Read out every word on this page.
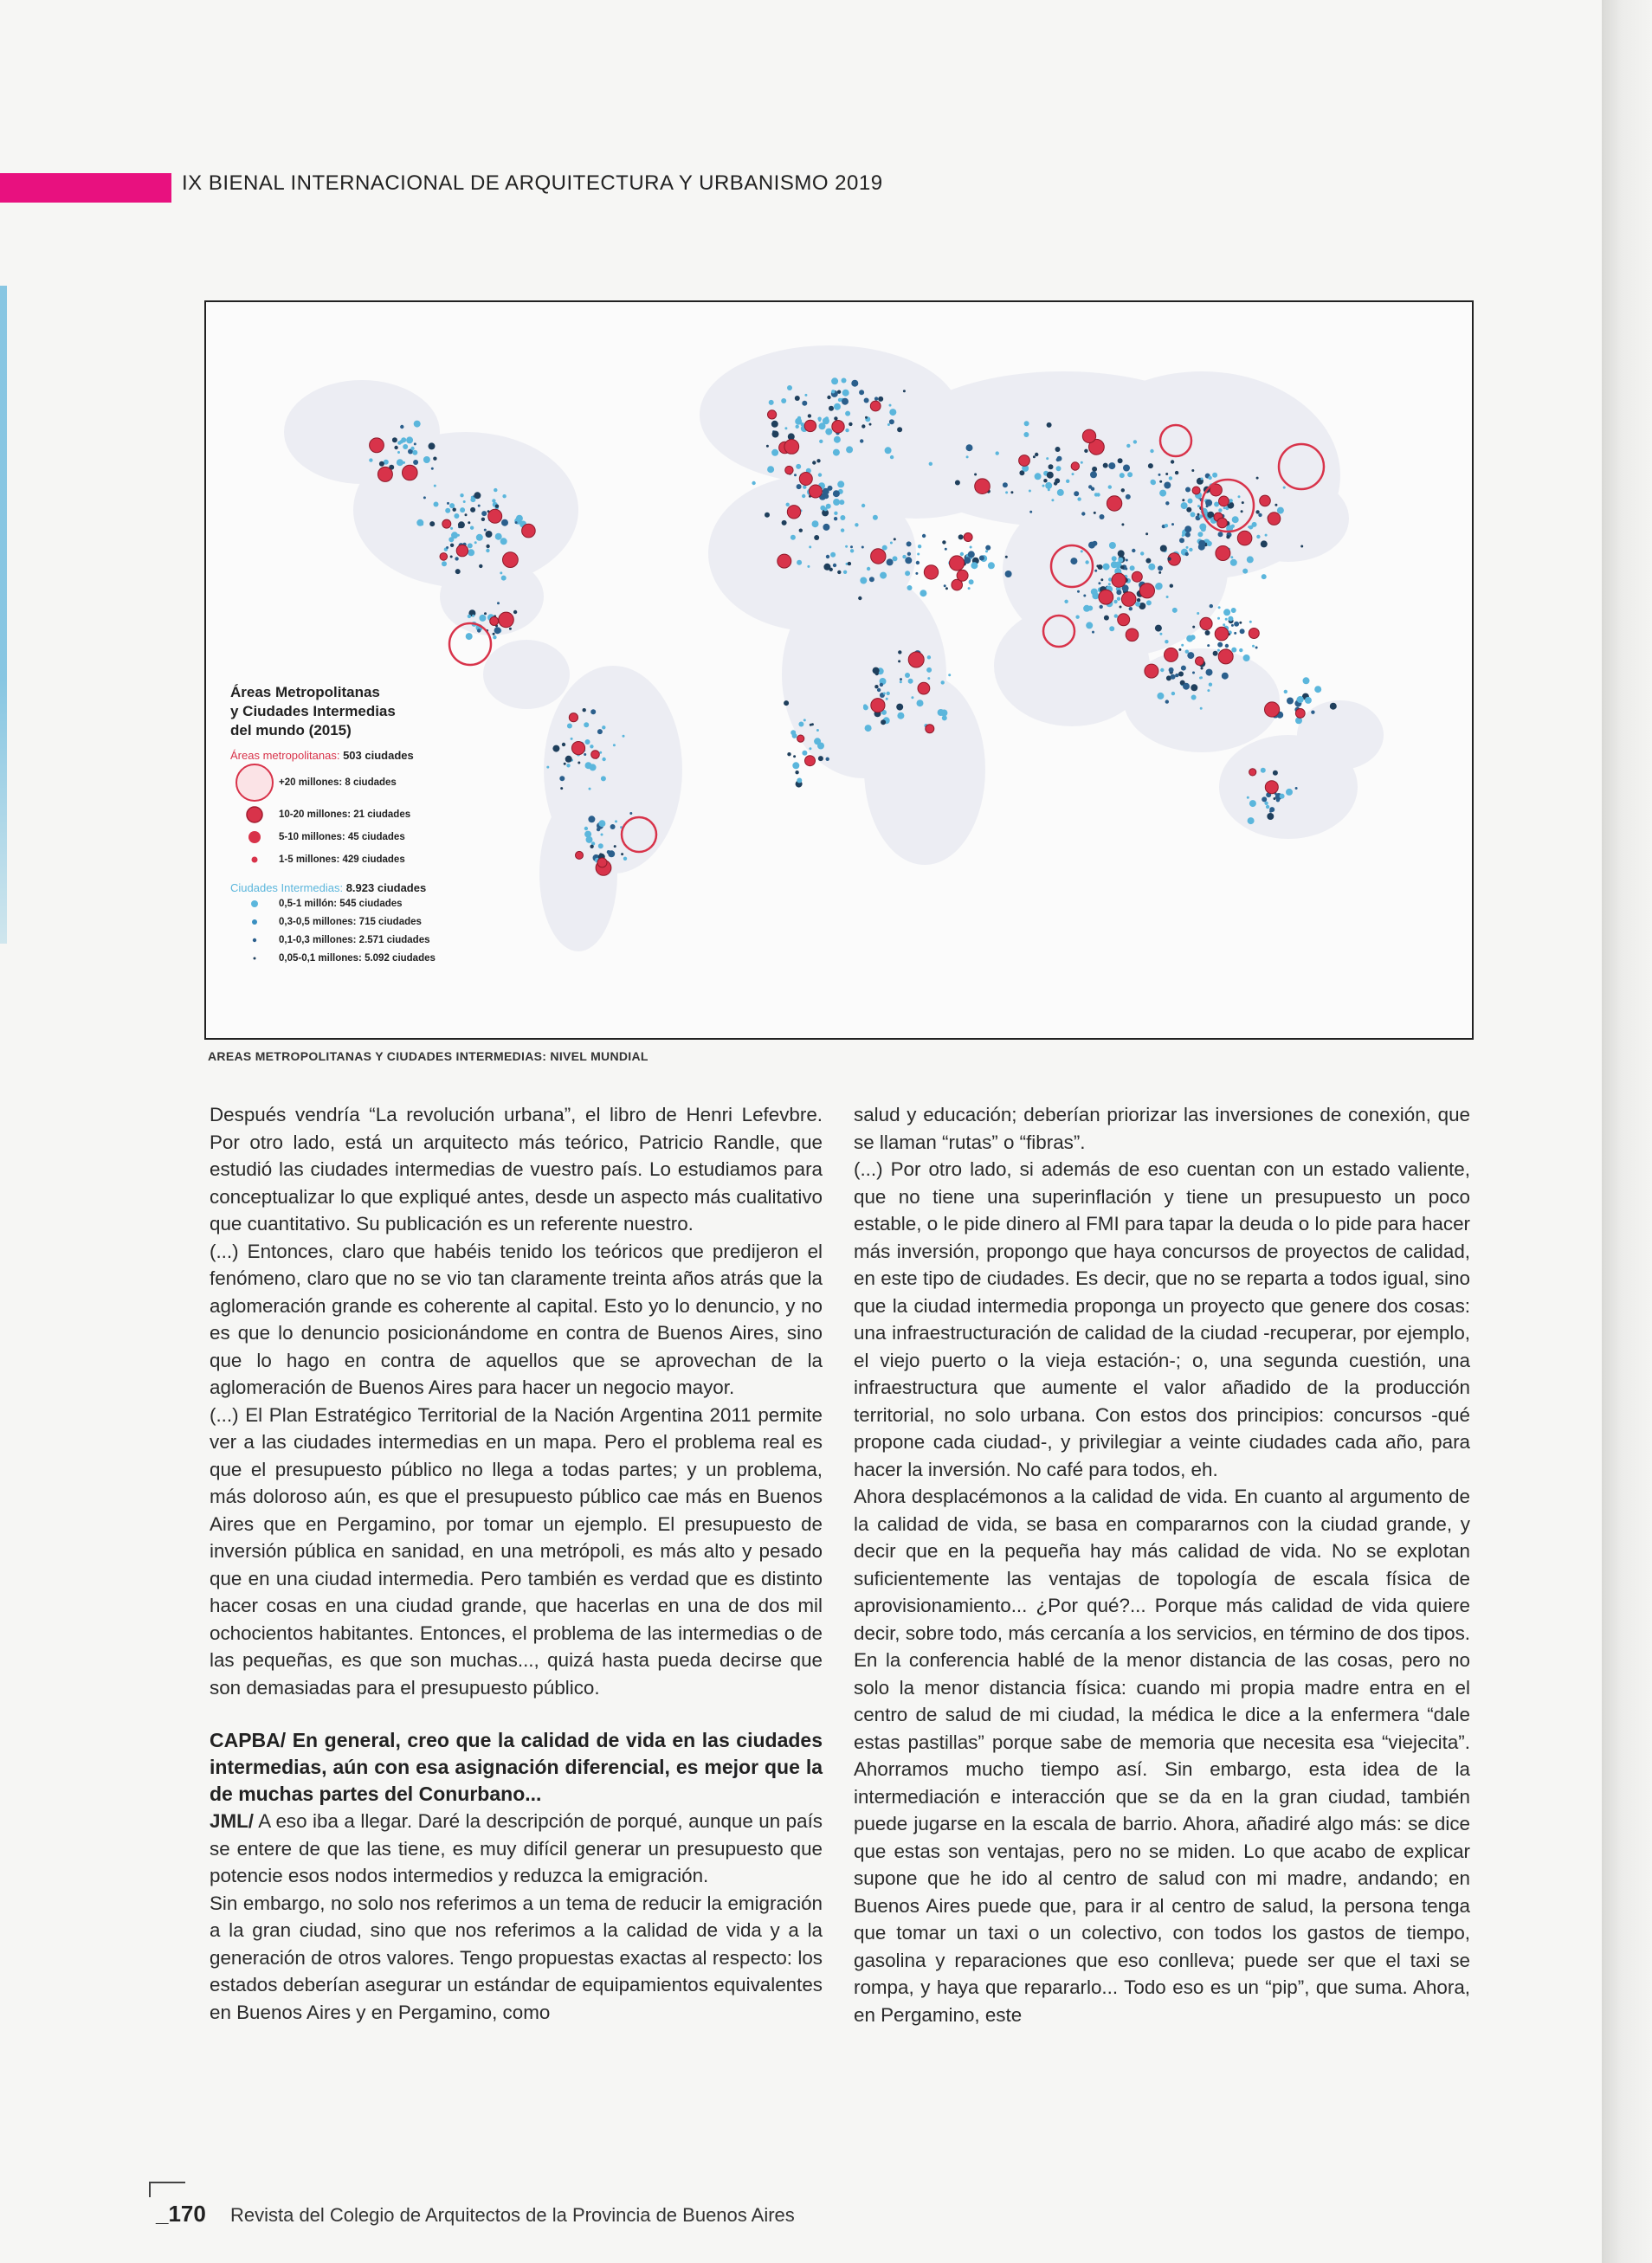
IX BIENAL INTERNACIONAL DE ARQUITECTURA Y URBANISMO 2019
Áreas Metropolitanas
y Ciudades Intermedias
del mundo (2015)
Áreas metropolitanas: 503 ciudades
+20 millones: 8 ciudades
10-20 millones: 21 ciudades
5-10 millones: 45 ciudades
1-5 millones: 429 ciudades
Ciudades Intermedias: 8.923 ciudades
0,5-1 millón: 545 ciudades
0,3-0,5 millones: 715 ciudades
0,1-0,3 millones: 2.571 ciudades
0,05-0,1 millones: 5.092 ciudades
AREAS METROPOLITANAS Y CIUDADES INTERMEDIAS: NIVEL MUNDIAL

Después vendría “La revolución urbana”, el libro de Henri Lefevbre. Por otro lado, está un arquitecto más teórico, Patricio Randle, que estudió las ciudades intermedias de vuestro país. Lo estudiamos para conceptualizar lo que expliqué antes, desde un aspecto más cualitativo que cuantitativo. Su publicación es un referente nuestro.

(...) Entonces, claro que habéis tenido los teóricos que predijeron el fenómeno, claro que no se vio tan claramente treinta años atrás que la aglomeración grande es coherente al capital. Esto yo lo denuncio, y no es que lo denuncio posicionándome en contra de Buenos Aires, sino que lo hago en contra de aquellos que se aprovechan de la aglomeración de Buenos Aires para hacer un negocio mayor.

(...) El Plan Estratégico Territorial de la Nación Argentina 2011 permite ver a las ciudades intermedias en un mapa. Pero el problema real es que el presupuesto público no llega a todas partes; y un problema, más doloroso aún, es que el presupuesto público cae más en Buenos Aires que en Pergamino, por tomar un ejemplo. El presupuesto de inversión pública en sanidad, en una metrópoli, es más alto y pesado que en una ciudad intermedia. Pero también es verdad que es distinto hacer cosas en una ciudad grande, que hacerlas en una de dos mil ochocientos habitantes. Entonces, el problema de las intermedias o de las pequeñas, es que son muchas..., quizá hasta pueda decirse que son demasiadas para el presupuesto público.

CAPBA/ En general, creo que la calidad de vida en las ciudades intermedias, aún con esa asignación diferencial, es mejor que la de muchas partes del Conurbano...

JML/ A eso iba a llegar. Daré la descripción de porqué, aunque un país se entere de que las tiene, es muy difícil generar un presupuesto que potencie esos nodos intermedios y reduzca la emigración.

Sin embargo, no solo nos referimos a un tema de reducir la emigración a la gran ciudad, sino que nos referimos a la calidad de vida y a la generación de otros valores. Tengo propuestas exactas al respecto: los estados deberían asegurar un estándar de equipamientos equivalentes en Buenos Aires y en Pergamino, como

salud y educación; deberían priorizar las inversiones de conexión, que se llaman “rutas” o “fibras”.

(...) Por otro lado, si además de eso cuentan con un estado valiente, que no tiene una superinflación y tiene un presupuesto un poco estable, o le pide dinero al FMI para tapar la deuda o lo pide para hacer más inversión, propongo que haya concursos de proyectos de calidad, en este tipo de ciudades. Es decir, que no se reparta a todos igual, sino que la ciudad intermedia proponga un proyecto que genere dos cosas: una infraestructuración de calidad de la ciudad -recuperar, por ejemplo, el viejo puerto o la vieja estación-; o, una segunda cuestión, una infraestructura que aumente el valor añadido de la producción territorial, no solo urbana. Con estos dos principios: concursos -qué propone cada ciudad-, y privilegiar a veinte ciudades cada año, para hacer la inversión. No café para todos, eh.

Ahora desplacémonos a la calidad de vida. En cuanto al argumento de la calidad de vida, se basa en compararnos con la ciudad grande, y decir que en la pequeña hay más calidad de vida. No se explotan suficientemente las ventajas de topología de escala física de aprovisionamiento... ¿Por qué?... Porque más calidad de vida quiere decir, sobre todo, más cercanía a los servicios, en término de dos tipos. En la conferencia hablé de la menor distancia de las cosas, pero no solo la menor distancia física: cuando mi propia madre entra en el centro de salud de mi ciudad, la médica le dice a la enfermera “dale estas pastillas” porque sabe de memoria que necesita esa “viejecita”. Ahorramos mucho tiempo así. Sin embargo, esta idea de la intermediación e interacción que se da en la gran ciudad, también puede jugarse en la escala de barrio. Ahora, añadiré algo más: se dice que estas son ventajas, pero no se miden. Lo que acabo de explicar supone que he ido al centro de salud con mi madre, andando; en Buenos Aires puede que, para ir al centro de salud, la persona tenga que tomar un taxi o un colectivo, con todos los gastos de tiempo, gasolina y reparaciones que eso conlleva; puede ser que el taxi se rompa, y haya que repararlo... Todo eso es un “pip”, que suma. Ahora, en Pergamino, este

_170 Revista del Colegio de Arquitectos de la Provincia de Buenos Aires
